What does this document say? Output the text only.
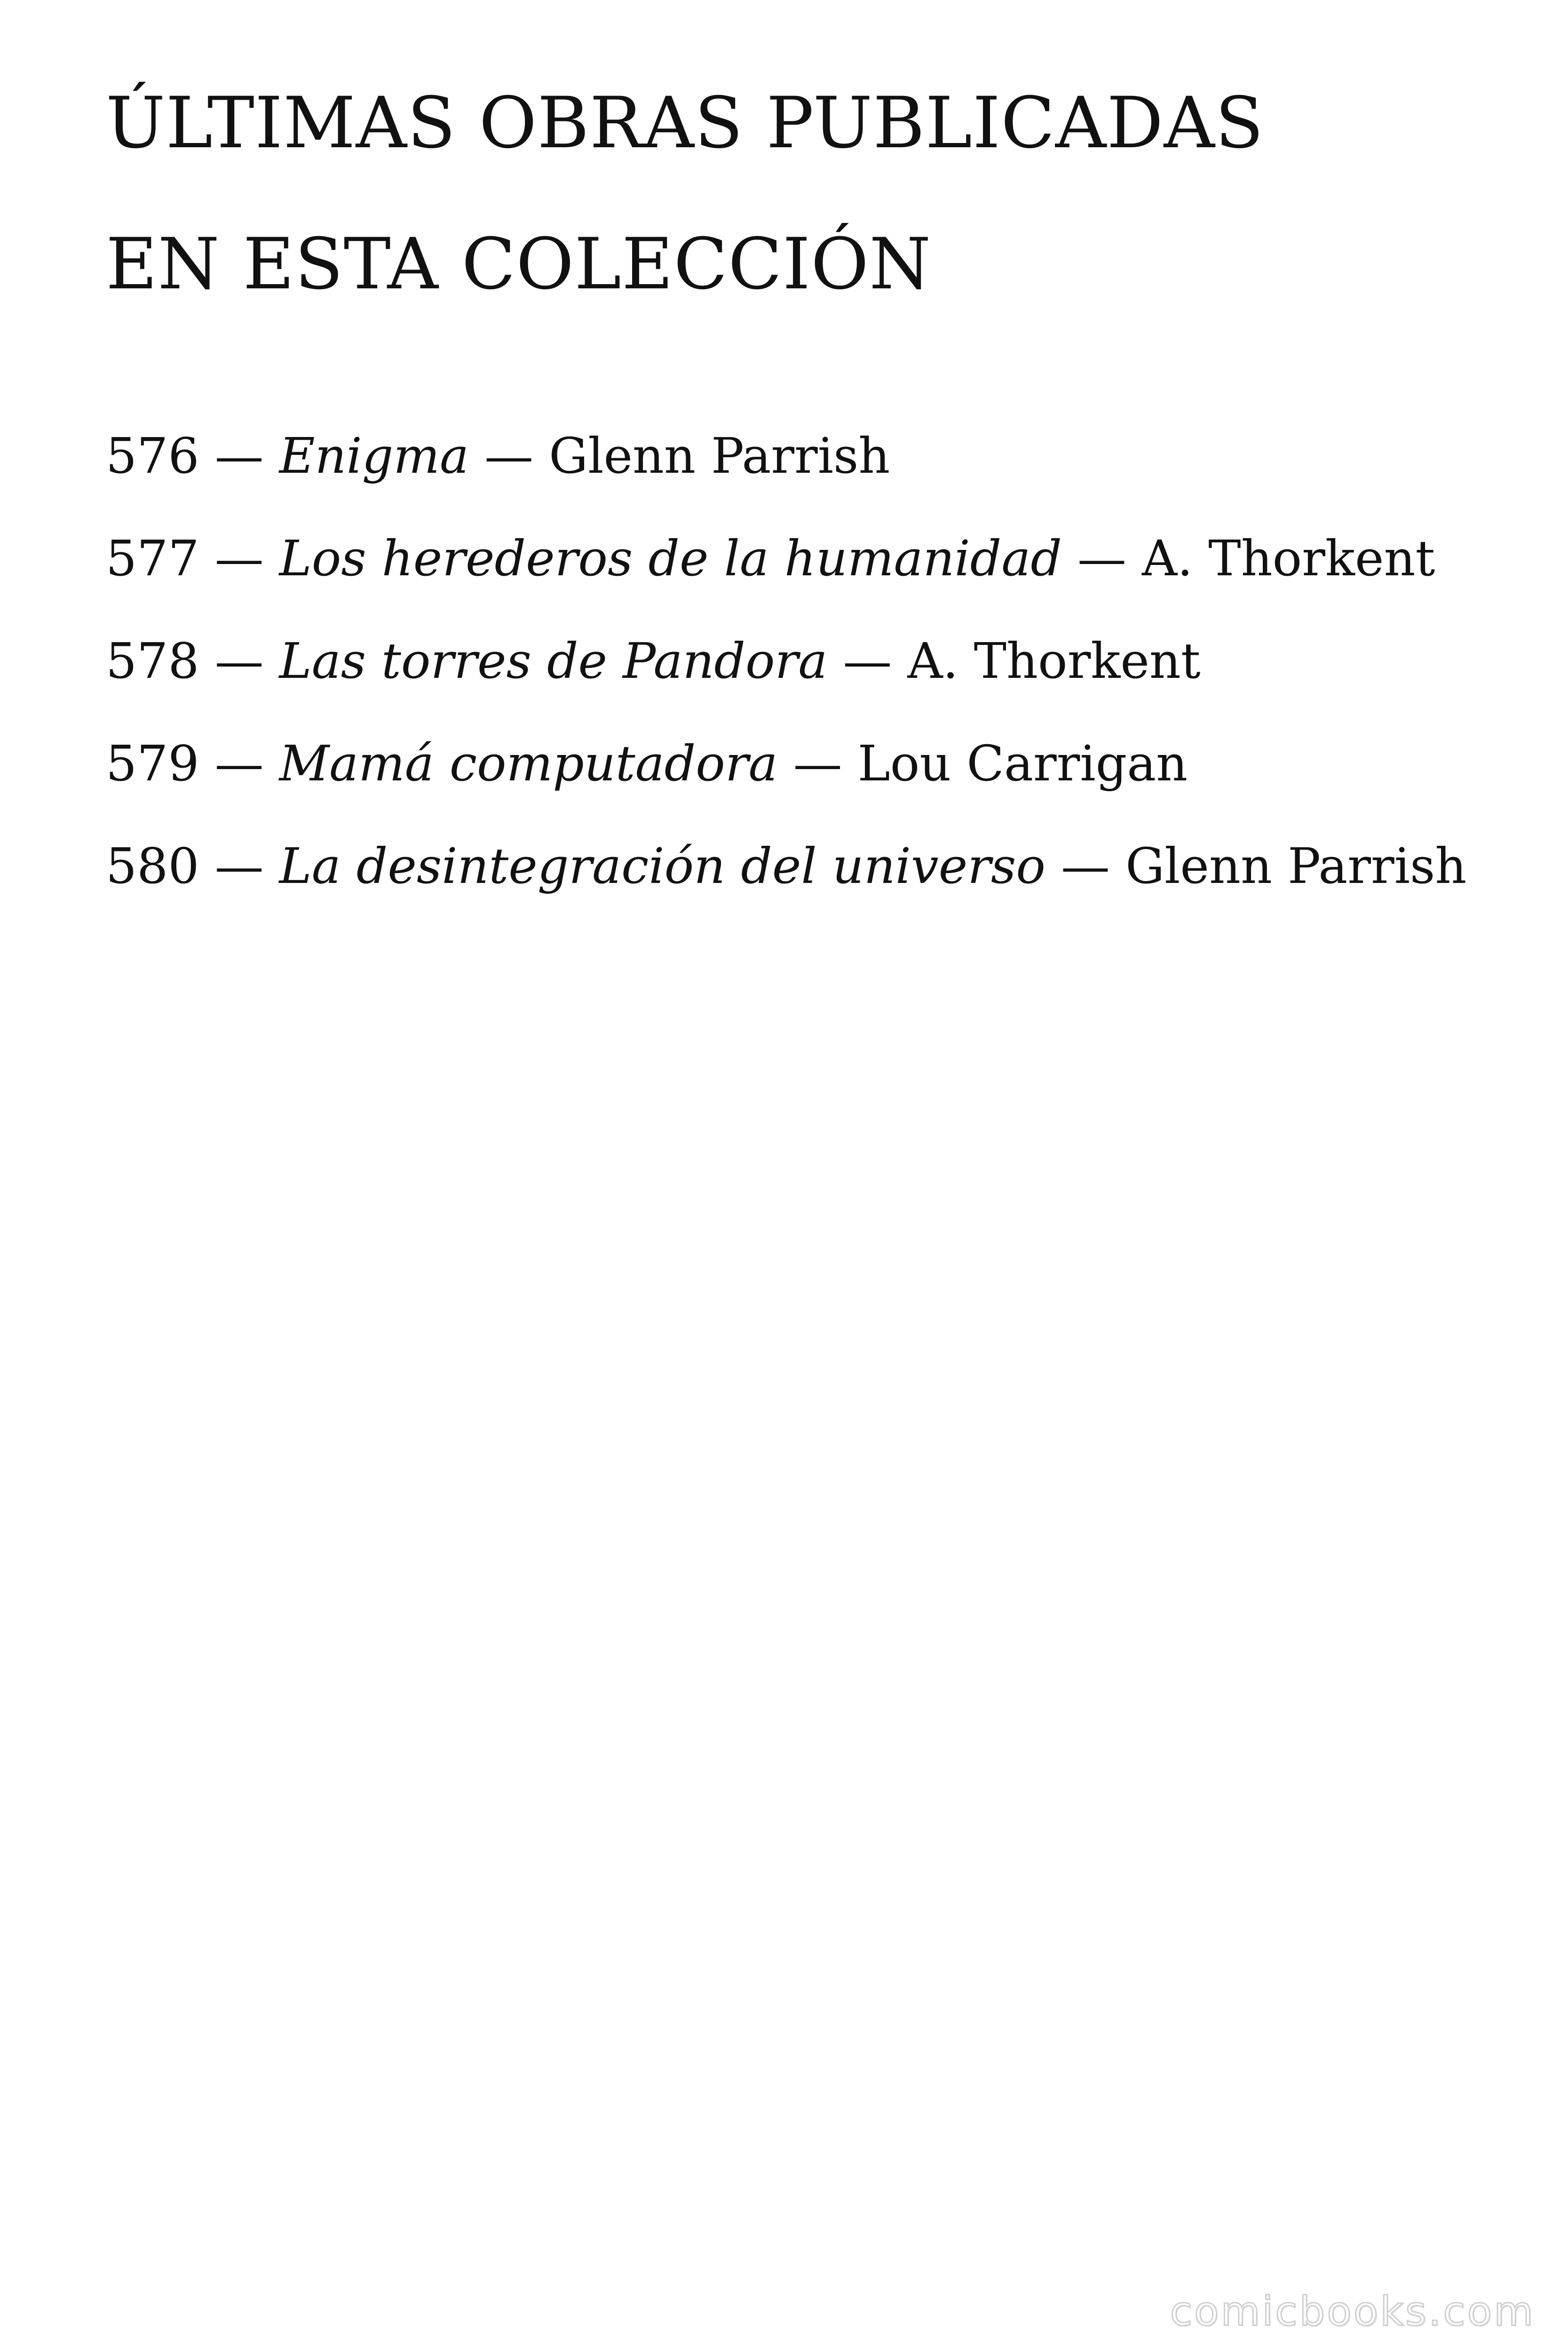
ÚLTIMAS OBRAS PUBLICADAS
EN ESTA COLECCIÓN
576 — Enigma — Glenn Parrish
577 — Los herederos de la humanidad — A. Thorkent
578 — Las torres de Pandora — A. Thorkent
579 — Mamá computadora — Lou Carrigan
580 — La desintegración del universo — Glenn Parrish
comicbooks.com
